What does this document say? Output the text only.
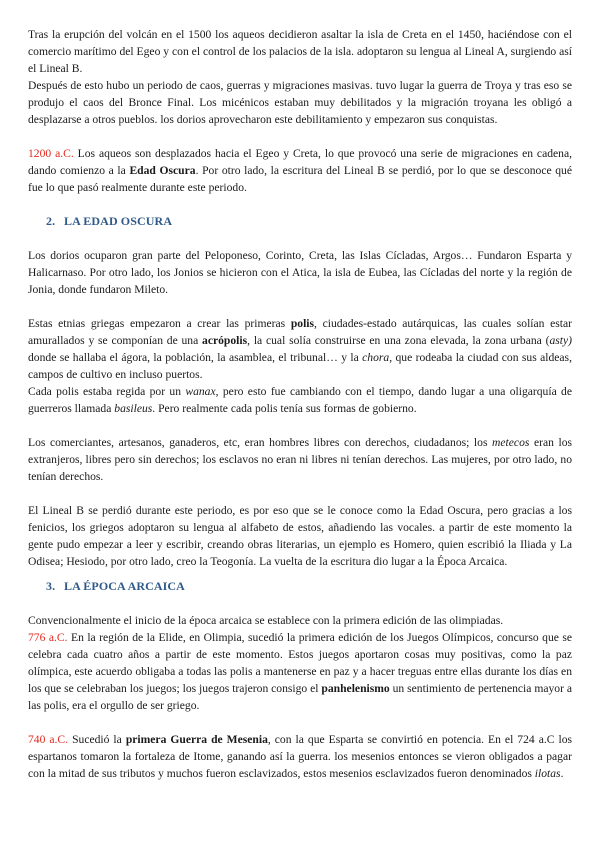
Tras la erupción del volcán en el 1500 los aqueos decidieron asaltar la isla de Creta en el 1450, haciéndose con el comercio marítimo del Egeo y con el control de los palacios de la isla. adoptaron su lengua al Lineal A, surgiendo así el Lineal B.

Después de esto hubo un periodo de caos, guerras y migraciones masivas. tuvo lugar la guerra de Troya y tras eso se produjo el caos del Bronce Final. Los micénicos estaban muy debilitados y la migración troyana les obligó a desplazarse a otros pueblos. los dorios aprovecharon este debilitamiento y empezaron sus conquistas.

1200 a.C. Los aqueos son desplazados hacia el Egeo y Creta, lo que provocó una serie de migraciones en cadena, dando comienzo a la Edad Oscura. Por otro lado, la escritura del Lineal B se perdió, por lo que se desconoce qué fue lo que pasó realmente durante este periodo.

2. LA EDAD OSCURA

Los dorios ocuparon gran parte del Peloponeso, Corinto, Creta, las Islas Cícladas, Argos… Fundaron Esparta y Halicarnaso. Por otro lado, los Jonios se hicieron con el Atica, la isla de Eubea, las Cícladas del norte y la región de Jonia, donde fundaron Mileto.

Estas etnias griegas empezaron a crear las primeras polis, ciudades-estado autárquicas, las cuales solían estar amurallados y se componían de una acrópolis, la cual solía construirse en una zona elevada, la zona urbana (asty) donde se hallaba el ágora, la población, la asamblea, el tribunal… y la chora, que rodeaba la ciudad con sus aldeas, campos de cultivo en incluso puertos.

Cada polis estaba regida por un wanax, pero esto fue cambiando con el tiempo, dando lugar a una oligarquía de guerreros llamada basileus. Pero realmente cada polis tenía sus formas de gobierno.

Los comerciantes, artesanos, ganaderos, etc, eran hombres libres con derechos, ciudadanos; los metecos eran los extranjeros, libres pero sin derechos; los esclavos no eran ni libres ni tenían derechos. Las mujeres, por otro lado, no tenían derechos.

El Lineal B se perdió durante este periodo, es por eso que se le conoce como la Edad Oscura, pero gracias a los fenicios, los griegos adoptaron su lengua al alfabeto de estos, añadiendo las vocales. a partir de este momento la gente pudo empezar a leer y escribir, creando obras literarias, un ejemplo es Homero, quien escribió la Iliada y La Odisea; Hesiodo, por otro lado, creo la Teogonía. La vuelta de la escritura dio lugar a la Época Arcaica.

3. LA ÉPOCA ARCAICA

Convencionalmente el inicio de la época arcaica se establece con la primera edición de las olimpiadas.

776 a.C. En la región de la Elide, en Olimpia, sucedió la primera edición de los Juegos Olímpicos, concurso que se celebra cada cuatro años a partir de este momento. Estos juegos aportaron cosas muy positivas, como la paz olímpica, este acuerdo obligaba a todas las polis a mantenerse en paz y a hacer treguas entre ellas durante los días en los que se celebraban los juegos; los juegos trajeron consigo el panhelenismo un sentimiento de pertenencia mayor a las polis, era el orgullo de ser griego.

740 a.C. Sucedió la primera Guerra de Mesenia, con la que Esparta se convirtió en potencia. En el 724 a.C los espartanos tomaron la fortaleza de Itome, ganando así la guerra. los mesenios entonces se vieron obligados a pagar con la mitad de sus tributos y muchos fueron esclavizados, estos mesenios esclavizados fueron denominados ilotas.
